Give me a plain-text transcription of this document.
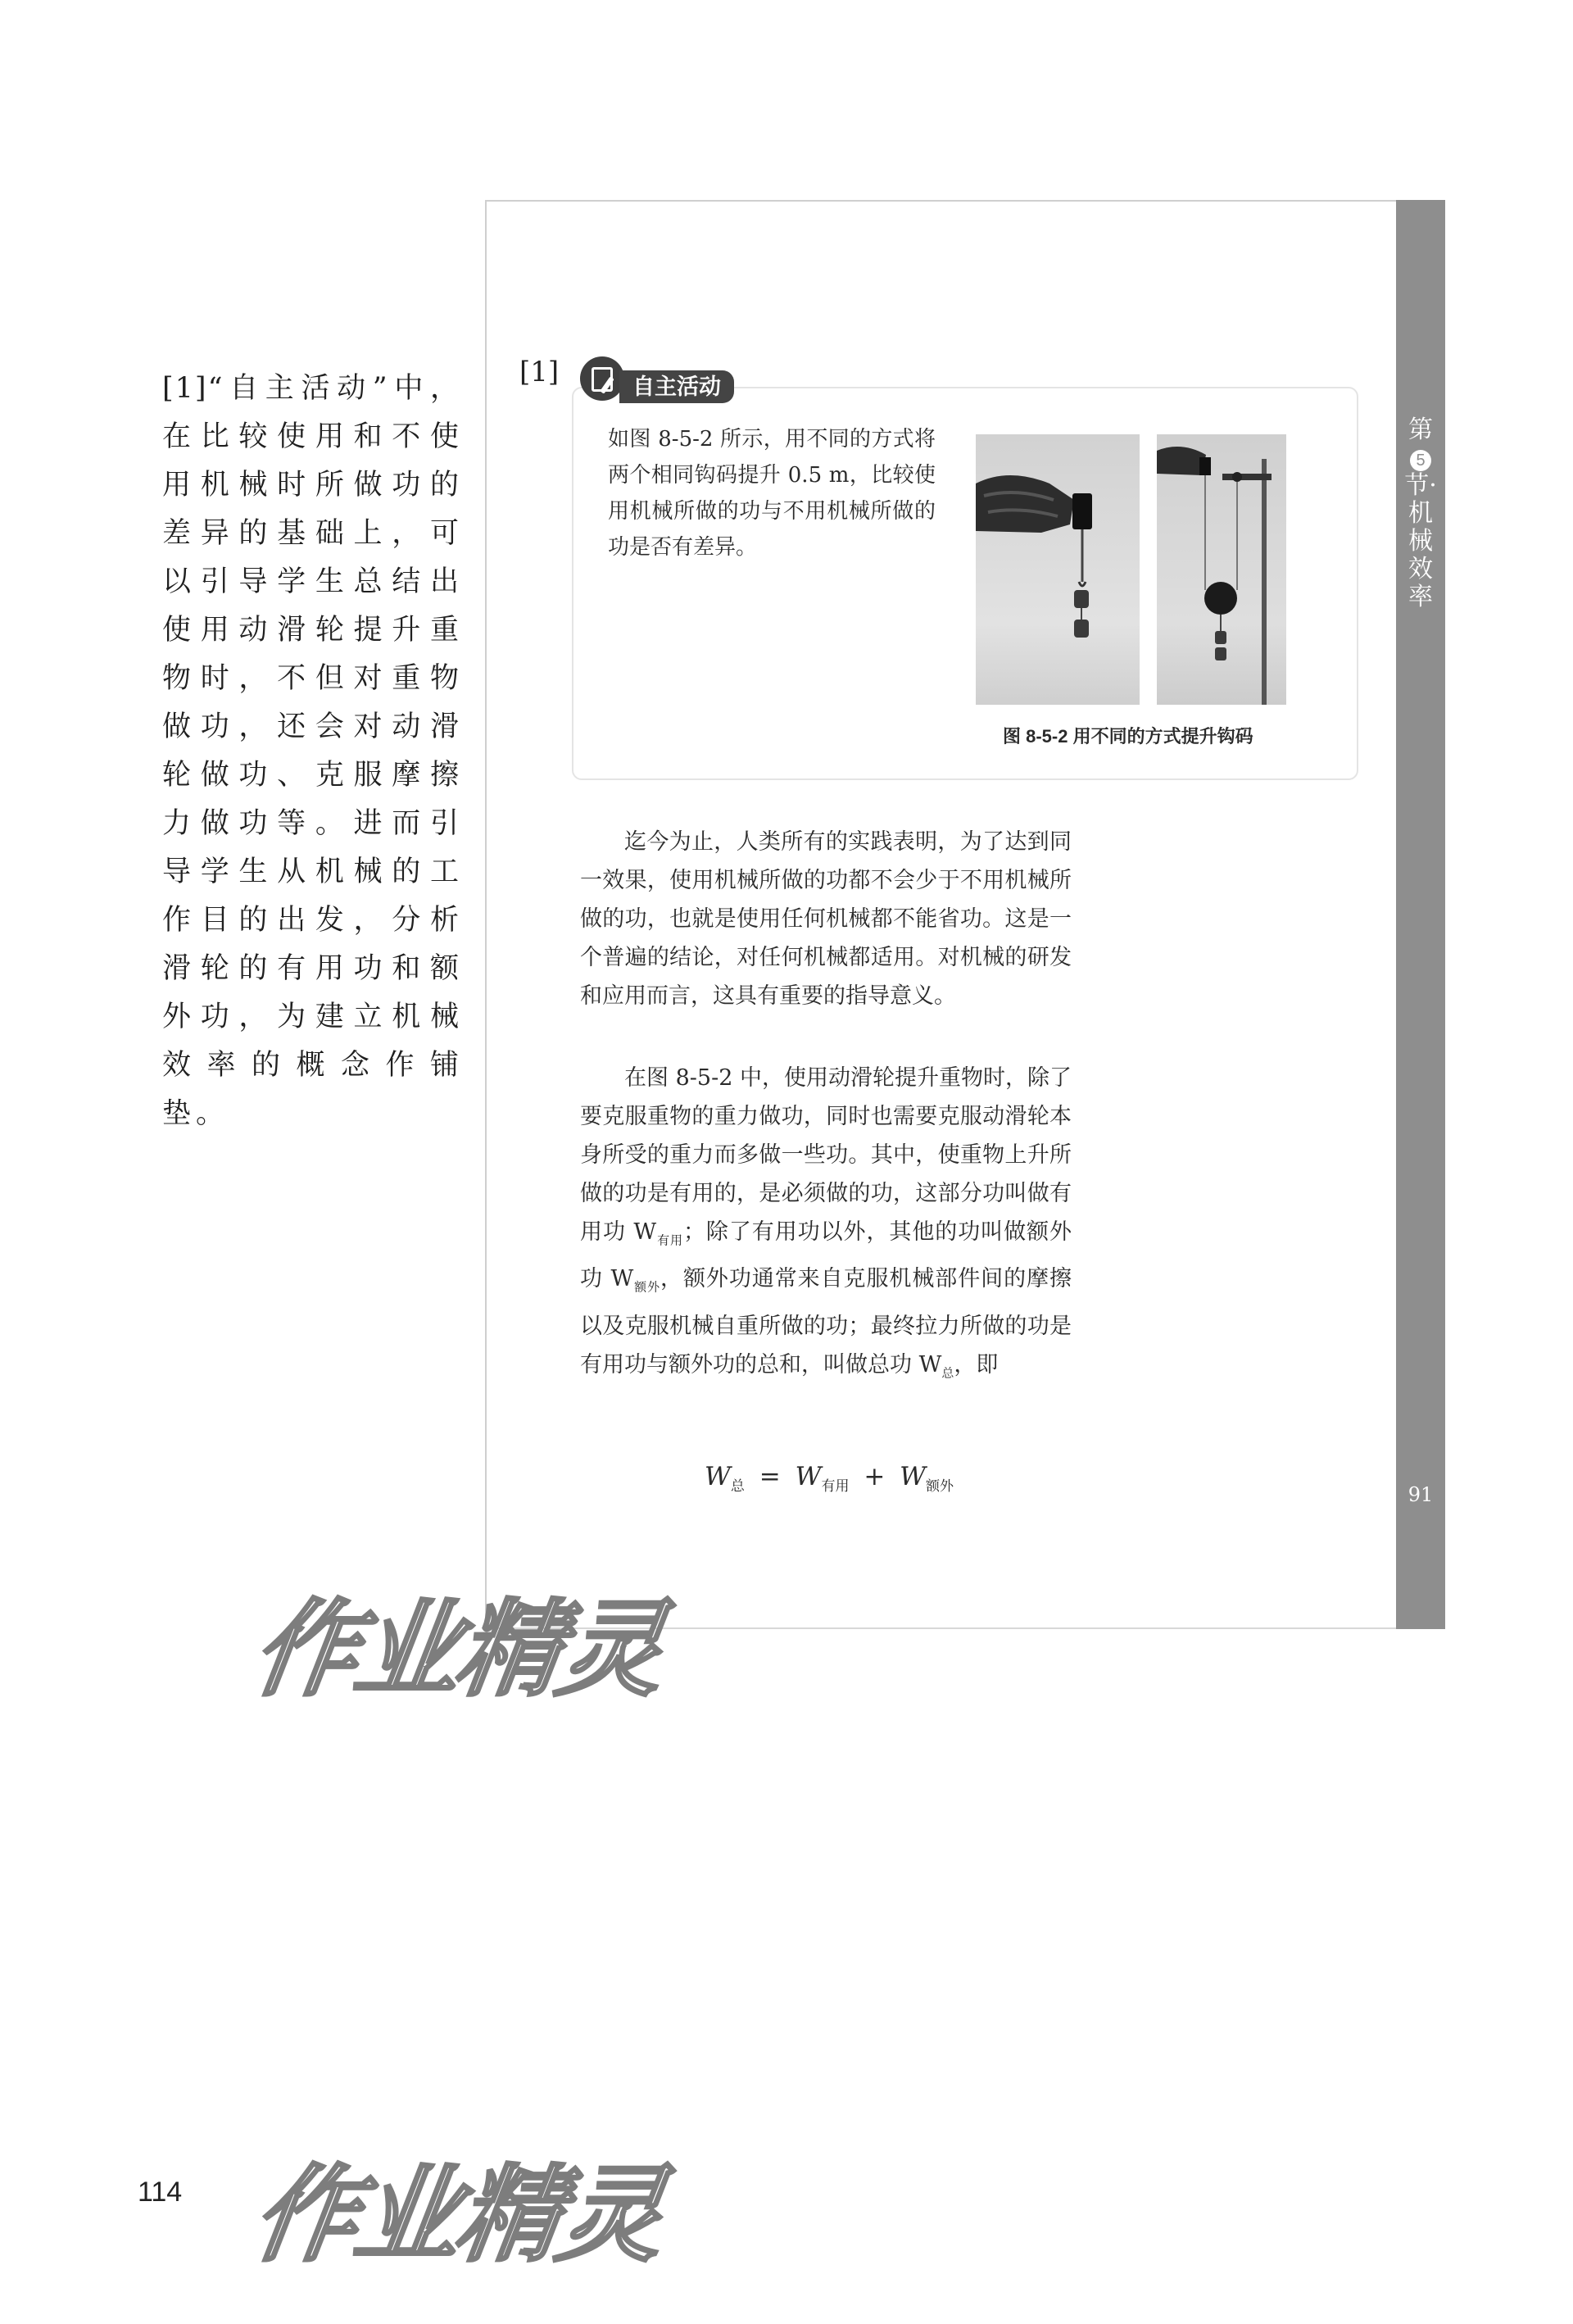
[1]“自主活动”中，在比较使用和不使用机械时所做功的差异的基础上，可以引导学生总结出使用动滑轮提升重物时，不但对重物做功，还会对动滑轮做功、克服摩擦力做功等。进而引导学生从机械的工作目的出发，分析滑轮的有用功和额外功，为建立机械效率的概念作铺垫。
第
5
节·机械效率
91
[1]	自主活动
如图 8-5-2 所示，用不同的方式将两个相同钩码提升 0.5 m，比较使用机械所做的功与不用机械所做的功是否有差异。
图 8-5-2 用不同的方式提升钩码
迄今为止，人类所有的实践表明，为了达到同一效果，使用机械所做的功都不会少于不用机械所做的功，也就是使用任何机械都不能省功。这是一个普遍的结论，对任何机械都适用。对机械的研发和应用而言，这具有重要的指导意义。
在图 8-5-2 中，使用动滑轮提升重物时，除了要克服重物的重力做功，同时也需要克服动滑轮本身所受的重力而多做一些功。其中，使重物上升所做的功是有用的，是必须做的功，这部分功叫做有用功 $W_{有用}$；除了有用功以外，其他的功叫做额外功 $W_{额外}$，额外功通常来自克服机械部件间的摩擦以及克服机械自重所做的功；最终拉力所做的功是有用功与额外功的总和，叫做总功 $W_总$，即
$W_总 = W_{有用} + W_{额外}$
作业精灵
作业精灵
114
